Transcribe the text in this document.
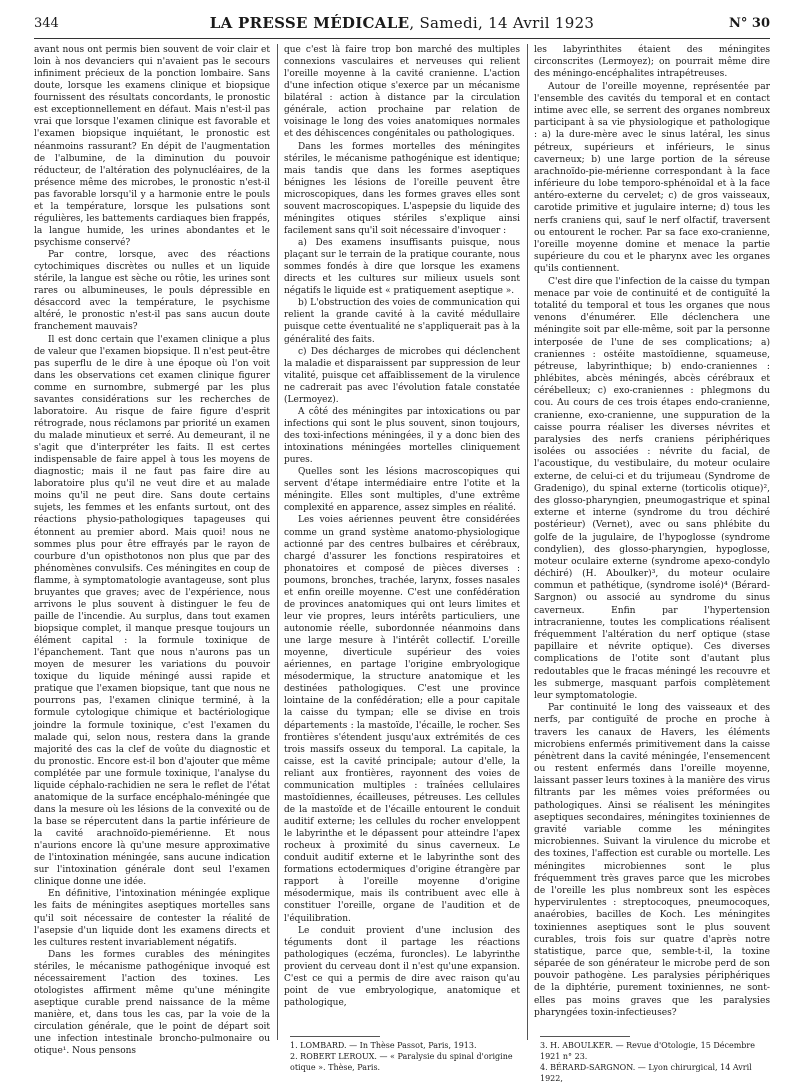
344	LA PRESSE MÉDICALE, Samedi, 14 Avril 1923	N° 30

avant nous ont permis bien souvent de voir clair et loin à nos devanciers qui n'avaient pas le secours infiniment précieux de la ponction lombaire. Sans doute, lorsque les examens clinique et biopsique fournissent des résultats concordants, le pronostic est exceptionnellement en défaut. Mais n'est-il pas vrai que lorsque l'examen clinique est favorable et l'examen biopsique inquiétant, le pronostic est néanmoins rassurant? En dépit de l'augmentation de l'albumine, de la diminution du pouvoir réducteur, de l'altération des polynucléaires, de la présence même des microbes, le pronostic n'est-il pas favorable lorsqu'il y a harmonie entre le pouls et la température, lorsque les pulsations sont régulières, les battements cardiaques bien frappés, la langue humide, les urines abondantes et le psychisme conservé?

Par contre, lorsque, avec des réactions cytochimiques discrètes ou nulles et un liquide stérile, la langue est sèche ou rôtie, les urines sont rares ou albumineuses, le pouls dépressible en désaccord avec la température, le psychisme altéré, le pronostic n'est-il pas sans aucun doute franchement mauvais?

Il est donc certain que l'examen clinique a plus de valeur que l'examen biopsique. Il n'est peut-être pas superflu de le dire à une époque où l'on voit dans les observations cet examen clinique figurer comme en surnombre, submergé par les plus savantes considérations sur les recherches de laboratoire. Au risque de faire figure d'esprit rétrograde, nous réclamons par priorité un examen du malade minutieux et serré. Au demeurant, il ne s'agit que d'interpréter les faits. Il est certes indispensable de faire appel à tous les moyens de diagnostic; mais il ne faut pas faire dire au laboratoire plus qu'il ne veut dire et au malade moins qu'il ne peut dire. Sans doute certains sujets, les femmes et les enfants surtout, ont des réactions physio-pathologiques tapageuses qui étonnent au premier abord. Mais quoi! nous ne sommes plus pour être effrayés par le rayon de courbure d'un opisthotonos non plus que par des phénomènes convulsifs. Ces méningites en coup de flamme, à symptomatologie avantageuse, sont plus bruyantes que graves; avec de l'expérience, nous arrivons le plus souvent à distinguer le feu de paille de l'incendie. Au surplus, dans tout examen biopsique complet, il manque presque toujours un élément capital : la formule toxinique de l'épanchement. Tant que nous n'aurons pas un moyen de mesurer les variations du pouvoir toxique du liquide méningé aussi rapide et pratique que l'examen biopsique, tant que nous ne pourrons pas, l'examen clinique terminé, à la formule cytologique chimique et bactériologique joindre la formule toxinique, c'est l'examen du malade qui, selon nous, restera dans la grande majorité des cas la clef de voûte du diagnostic et du pronostic. Encore est-il bon d'ajouter que même complétée par une formule toxinique, l'analyse du liquide céphalo-rachidien ne sera le reflet de l'état anatomique de la surface encéphalo-méningée que dans la mesure où les lésions de la convexité ou de la base se répercutent dans la partie inférieure de la cavité arachnoïdo-piemérienne. Et nous n'aurions encore là qu'une mesure approximative de l'intoxination méningée, sans aucune indication sur l'intoxination générale dont seul l'examen clinique donne une idée.

En définitive, l'intoxination méningée explique les faits de méningites aseptiques mortelles sans qu'il soit nécessaire de contester la réalité de l'asepsie d'un liquide dont les examens directs et les cultures restent invariablement négatifs.

Dans les formes curables des méningites stériles, le mécanisme pathogénique invoqué est nécessairement l'action des toxines. Les otologistes affirment même qu'une méningite aseptique curable prend naissance de la même manière, et, dans tous les cas, par la voie de la circulation générale, que le point de départ soit une infection intestinale broncho-pulmonaire ou otique¹. Nous pensons

que c'est là faire trop bon marché des multiples connexions vasculaires et nerveuses qui relient l'oreille moyenne à la cavité cranienne. L'action d'une infection otique s'exerce par un mécanisme bilatéral : action à distance par la circulation générale, action prochaine par relation de voisinage le long des voies anatomiques normales et des déhiscences congénitales ou pathologiques.

Dans les formes mortelles des méningites stériles, le mécanisme pathogénique est identique; mais tandis que dans les formes aseptiques bénignes les lésions de l'oreille peuvent être microscopiques, dans les formes graves elles sont souvent macroscopiques. L'aspepsie du liquide des méningites otiques stériles s'explique ainsi facilement sans qu'il soit nécessaire d'invoquer :

a) Des examens insuffisants puisque, nous plaçant sur le terrain de la pratique courante, nous sommes fondés à dire que lorsque les examens directs et les cultures sur milieux usuels sont négatifs le liquide est « pratiquement aseptique ».

b) L'obstruction des voies de communication qui relient la grande cavité à la cavité médullaire puisque cette éventualité ne s'appliquerait pas à la généralité des faits.

c) Des décharges de microbes qui déclenchent la maladie et disparaissent par suppression de leur vitalité, puisque cet affaiblissement de la virulence ne cadrerait pas avec l'évolution fatale constatée (Lermoyez).

A côté des méningites par intoxications ou par infections qui sont le plus souvent, sinon toujours, des toxi-infections méningées, il y a donc bien des intoxinations méningées mortelles cliniquement pures.

Quelles sont les lésions macroscopiques qui servent d'étape intermédiaire entre l'otite et la méningite. Elles sont multiples, d'une extrême complexité en apparence, assez simples en réalité.

Les voies aériennes peuvent être considérées comme un grand système anatomo-physiologique actionné par des centres bulbaires et cérébraux, chargé d'assurer les fonctions respiratoires et phonatoires et composé de pièces diverses : poumons, bronches, trachée, larynx, fosses nasales et enfin oreille moyenne. C'est une confédération de provinces anatomiques qui ont leurs limites et leur vie propres, leurs intérêts particuliers, une autonomie réelle, subordonnée néanmoins dans une large mesure à l'intérêt collectif. L'oreille moyenne, diverticule supérieur des voies aériennes, en partage l'origine embryologique mésodermique, la structure anatomique et les destinées pathologiques. C'est une province lointaine de la confédération; elle a pour capitale la caisse du tympan; elle se divise en trois départements : la mastoïde, l'écaille, le rocher. Ses frontières s'étendent jusqu'aux extrémités de ces trois massifs osseux du temporal. La capitale, la caisse, est la cavité principale; autour d'elle, la reliant aux frontières, rayonnent des voies de communication multiples : traînées cellulaires mastoïdiennes, écailleuses, pétreuses. Les cellules de la mastoïde et de l'écaille entourent le conduit auditif externe; les cellules du rocher enveloppent le labyrinthe et le dépassent pour atteindre l'apex rocheux à proximité du sinus caverneux. Le conduit auditif externe et le labyrinthe sont des formations ectodermiques d'origine étrangère par rapport à l'oreille moyenne d'origine mésodermique, mais ils contribuent avec elle à constituer l'oreille, organe de l'audition et de l'équilibration.

Le conduit provient d'une inclusion des téguments dont il partage les réactions pathologiques (eczéma, furoncles). Le labyrinthe provient du cerveau dont il n'est qu'une expansion. C'est ce qui a permis de dire avec raison qu'au point de vue embryologique, anatomique et pathologique,

les labyrinthites étaient des méningites circonscrites (Lermoyez); on pourrait même dire des méningo-encéphalites intrapétreuses.

Autour de l'oreille moyenne, représentée par l'ensemble des cavités du temporal et en contact intime avec elle, se serrent des organes nombreux participant à sa vie physiologique et pathologique : a) la dure-mère avec le sinus latéral, les sinus pétreux, supérieurs et inférieurs, le sinus caverneux; b) une large portion de la séreuse arachnoïdo-pie-mérienne correspondant à la face inférieure du lobe temporo-sphénoïdal et à la face antéro-externe du cervelet; c) de gros vaisseaux, carotide primitive et jugulaire interne; d) tous les nerfs craniens qui, sauf le nerf olfactif, traversent ou entourent le rocher. Par sa face exo-cranienne, l'oreille moyenne domine et menace la partie supérieure du cou et le pharynx avec les organes qu'ils contiennent.

C'est dire que l'infection de la caisse du tympan menace par voie de continuité et de contiguïté la totalité du temporal et tous les organes que nous venons d'énumérer. Elle déclenchera une méningite soit par elle-même, soit par la personne interposée de l'une de ses complications; a) craniennes : ostéite mastoïdienne, squameuse, pétreuse, labyrinthique; b) endo-craniennes : phlébites, abcès méningés, abcès cérébraux et cérébelleux; c) exo-craniennes : phlegmons du cou. Au cours de ces trois étapes endo-cranienne, cranienne, exo-cranienne, une suppuration de la caisse pourra réaliser les diverses névrites et paralysies des nerfs craniens périphériques isolées ou associées : névrite du facial, de l'acoustique, du vestibulaire, du moteur oculaire externe, de celui-ci et du trijumeau (Syndrome de Gradenigo), du spinal externe (torticolis otique)², des glosso-pharyngien, pneumogastrique et spinal externe et interne (syndrome du trou déchiré postérieur) (Vernet), avec ou sans phlébite du golfe de la jugulaire, de l'hypoglosse (syndrome condylien), des glosso-pharyngien, hypoglosse, moteur oculaire externe (syndrome apexo-condylo déchiré) (H. Aboulker)³, du moteur oculaire commun et pathétique, (syndrome isolé)⁴ (Bérard-Sargnon) ou associé au syndrome du sinus caverneux. Enfin par l'hypertension intracranienne, toutes les complications réalisent fréquemment l'altération du nerf optique (stase papillaire et névrite optique). Ces diverses complications de l'otite sont d'autant plus redoutables que le fracas méningé les recouvre et les submerge, masquant parfois complètement leur symptomatologie.

Par continuité le long des vaisseaux et des nerfs, par contiguïté de proche en proche à travers les canaux de Havers, les éléments microbiens enfermés primitivement dans la caisse pénètrent dans la cavité méningée, l'ensemencent ou restent enfermés dans l'oreille moyenne, laissant passer leurs toxines à la manière des virus filtrants par les mêmes voies préformées ou pathologiques. Ainsi se réalisent les méningites aseptiques secondaires, méningites toxiniennes de gravité variable comme les méningites microbiennes. Suivant la virulence du microbe et des toxines, l'affection est curable ou mortelle. Les méningites microbiennes sont le plus fréquemment très graves parce que les microbes de l'oreille les plus nombreux sont les espèces hypervirulentes : streptocoques, pneumocoques, anaérobies, bacilles de Koch. Les méningites toxiniennes aseptiques sont le plus souvent curables, trois fois sur quatre d'après notre statistique, parce que, semble-t-il, la toxine séparée de son générateur le microbe perd de son pouvoir pathogène. Les paralysies périphériques de la diphtérie, purement toxiniennes, ne sont-elles pas moins graves que les paralysies pharyngées toxin-infectieuses?

1. LOMBARD. — In Thèse Passot, Paris, 1913.
2. ROBERT LEROUX. — « Paralysie du spinal d'origine otique ». Thèse, Paris.
3. H. ABOULKER. — Revue d'Otologie, 15 Décembre 1921 n° 23.
4. BÉRARD-SARGNON. — Lyon chirurgical, 14 Avril 1922,
